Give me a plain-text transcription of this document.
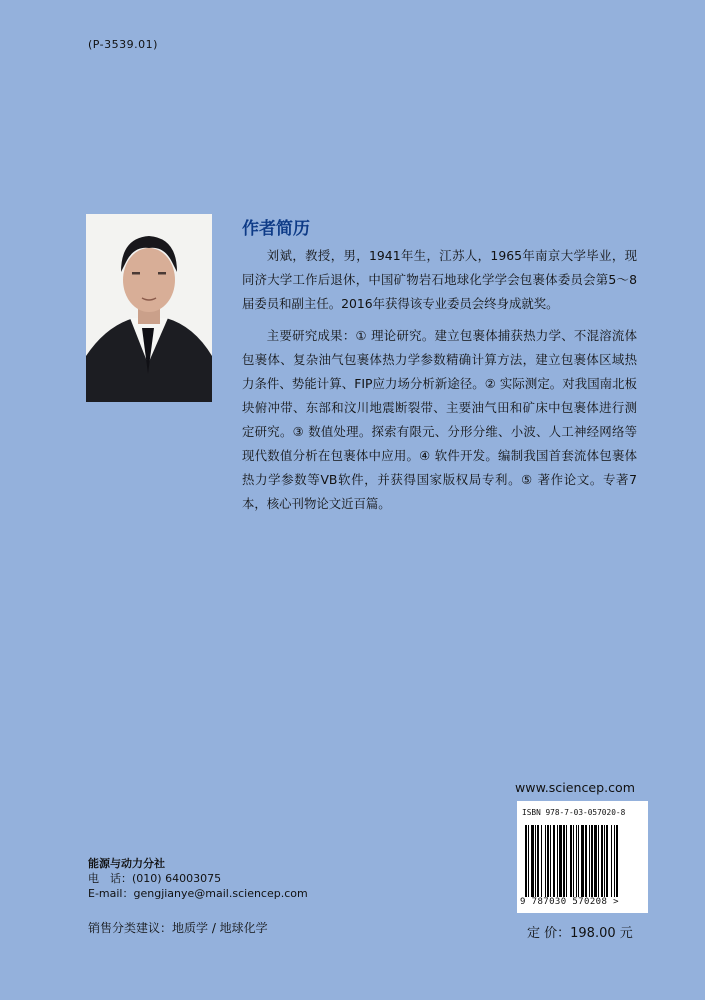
(P-3539.01)
作者简历

刘斌，教授，男，1941年生，江苏人，1965年南京大学毕业，现同济大学工作后退休，中国矿物岩石地球化学学会包裹体委员会第5～8届委员和副主任。2016年获得该专业委员会终身成就奖。

主要研究成果：① 理论研究。建立包裹体捕获热力学、不混溶流体包裹体、复杂油气包裹体热力学参数精确计算方法，建立包裹体区域热力条件、势能计算、FIP应力场分析新途径。② 实际测定。对我国南北板块俯冲带、东部和汶川地震断裂带、主要油气田和矿床中包裹体进行测定研究。③ 数值处理。探索有限元、分形分维、小波、人工神经网络等现代数值分析在包裹体中应用。④ 软件开发。编制我国首套流体包裹体热力学参数等VB软件，并获得国家版权局专利。⑤ 著作论文。专著7本，核心刊物论文近百篇。

www.sciencep.com
ISBN 978-7-03-057020-8
9 787030 570208 >
定 价：198.00 元
能源与动力分社
电　话：(010) 64003075
E-mail：gengjianye@mail.sciencep.com
销售分类建议：地质学 / 地球化学
